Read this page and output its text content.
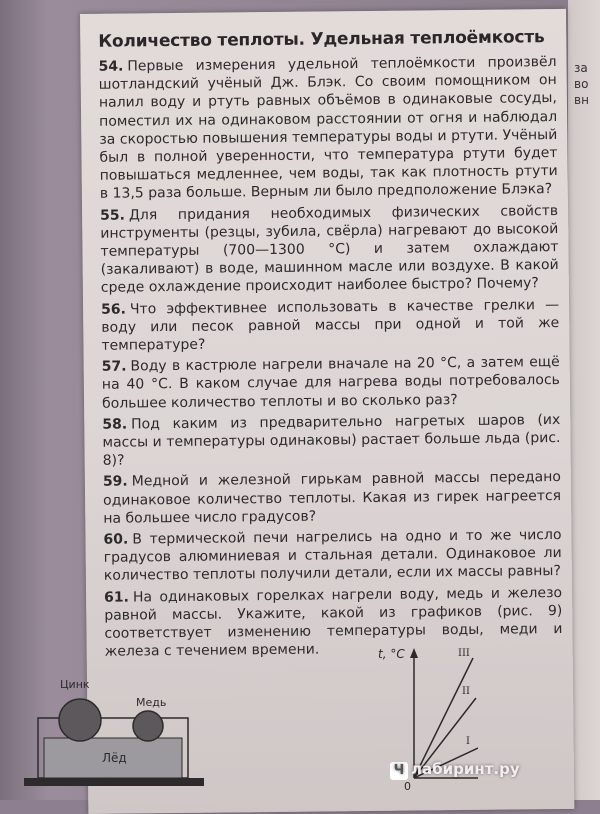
за
во
вн
Количество теплоты. Удельная теплоёмкость

54. Первые измерения удельной теплоёмкости произвёл шотландский учёный Дж. Блэк. Со своим помощником он налил воду и ртуть равных объёмов в одинаковые сосуды, поместил их на одинаковом расстоянии от огня и наблюдал за скоростью повышения температуры воды и ртути. Учёный был в полной уверенности, что температура ртути будет повышаться медленнее, чем воды, так как плотность ртути в 13,5 раза больше. Верным ли было предположение Блэка?

55. Для придания необходимых физических свойств инструменты (резцы, зубила, свёрла) нагревают до высокой температуры (700—1300 °С) и затем охлаждают (закаливают) в воде, машинном масле или воздухе. В какой среде охлаждение происходит наиболее быстро? Почему?

56. Что эффективнее использовать в качестве грелки — воду или песок равной массы при одной и той же температуре?

57. Воду в кастрюле нагрели вначале на 20 °С, а затем ещё на 40 °С. В каком случае для нагрева воды потребовалось большее количество теплоты и во сколько раз?

58. Под каким из предварительно нагретых шаров (их массы и температуры одинаковы) растает больше льда (рис. 8)?

59. Медной и железной гирькам равной массы передано одинаковое количество теплоты. Какая из гирек нагреется на большее число градусов?

60. В термической печи нагрелись на одно и то же число градусов алюминиевая и стальная детали. Одинаковое ли количество теплоты получили детали, если их массы равны?

61. На одинаковых горелках нагрели воду, медь и железо равной массы. Укажите, какой из графиков (рис. 9) соответствует изменению температуры воды, меди и железа с течением времени.

Цинк
Медь
Лёд
t, °С
0
III
II
I
Рис. 8
Ч лабиринт.ру
